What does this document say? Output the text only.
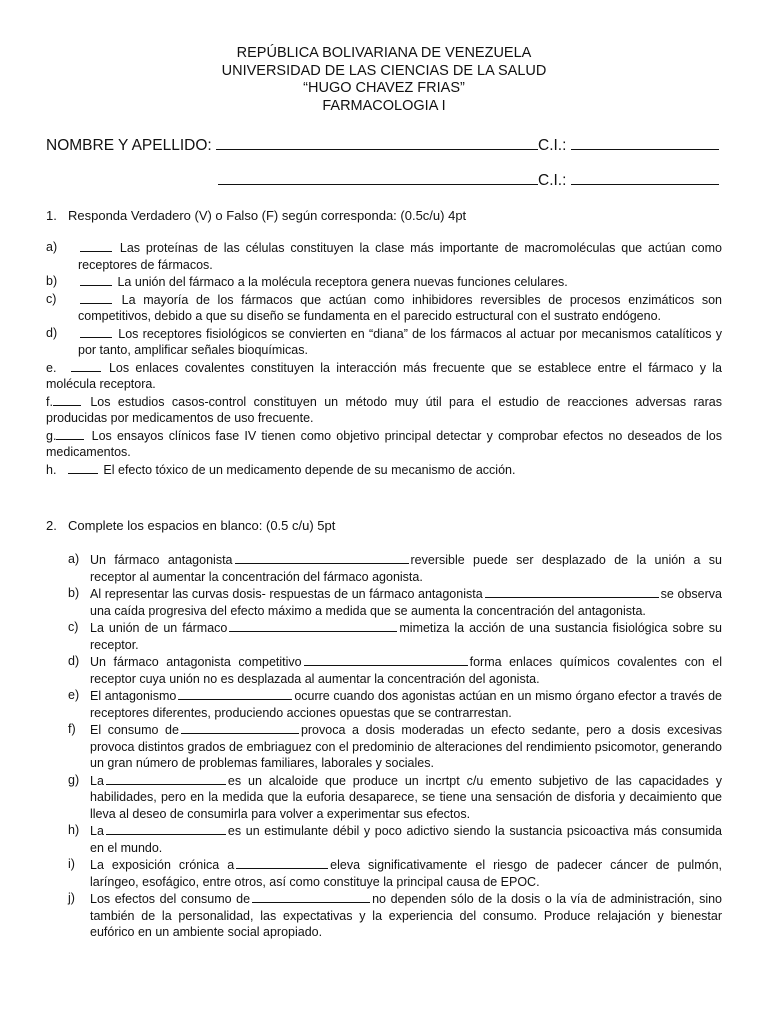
REPÚBLICA BOLIVARIANA DE VENEZUELA
UNIVERSIDAD DE LAS CIENCIAS DE LA SALUD
“HUGO CHAVEZ FRIAS”
FARMACOLOGIA I
NOMBRE Y APELLIDO:	C.I.:
C.I.:
1. Responda Verdadero (V) o Falso (F) según corresponda: (0.5c/u) 4pt
a)	Las proteínas de las células constituyen la clase más importante de macromoléculas que actúan como receptores de fármacos.
b)	La unión del fármaco a la molécula receptora genera nuevas funciones celulares.
c)	La mayoría de los fármacos que actúan como inhibidores reversibles de procesos enzimáticos son competitivos, debido a que su diseño se fundamenta en el parecido estructural con el sustrato endógeno.
d)	Los receptores fisiológicos se convierten en “diana” de los fármacos al actuar por mecanismos catalíticos y por tanto, amplificar señales bioquímicas.
e.	Los enlaces covalentes constituyen la interacción más frecuente que se establece entre el fármaco y la molécula receptora.
f.	Los estudios casos-control constituyen un método muy útil para el estudio de reacciones adversas raras producidas por medicamentos de uso frecuente.
g.	Los ensayos clínicos fase IV tienen como objetivo principal detectar y comprobar efectos no deseados de los medicamentos.
h.	El efecto tóxico de un medicamento depende de su mecanismo de acción.
2. Complete los espacios en blanco: (0.5 c/u) 5pt
a) Un fármaco antagonista	reversible puede ser desplazado de la unión a su receptor al aumentar la concentración del fármaco agonista.
b) Al representar las curvas dosis- respuestas de un fármaco antagonista	se observa una caída progresiva del efecto máximo a medida que se aumenta la concentración del antagonista.
c) La unión de un fármaco	mimetiza la acción de una sustancia fisiológica sobre su receptor.
d) Un fármaco antagonista competitivo	forma enlaces químicos covalentes con el receptor cuya unión no es desplazada al aumentar la concentración del agonista.
e) El antagonismo	ocurre cuando dos agonistas actúan en un mismo órgano efector a través de receptores diferentes, produciendo acciones opuestas que se contrarrestan.
f) El consumo de	provoca a dosis moderadas un efecto sedante, pero a dosis excesivas provoca distintos grados de embriaguez con el predominio de alteraciones del rendimiento psicomotor, generando un gran número de problemas familiares, laborales y sociales.
g) La	es un alcaloide que produce un incrtpt c/u emento subjetivo de las capacidades y habilidades, pero en la medida que la euforia desaparece, se tiene una sensación de disforia y decaimiento que lleva al deseo de consumirla para volver a experimentar sus efectos.
h) La	es un estimulante débil y poco adictivo siendo la sustancia psicoactiva más consumida en el mundo.
i) La exposición crónica a	eleva significativamente el riesgo de padecer cáncer de pulmón, laríngeo, esofágico, entre otros, así como constituye la principal causa de EPOC.
j) Los efectos del consumo de	no dependen sólo de la dosis o la vía de administración, sino también de la personalidad, las expectativas y la experiencia del consumo. Produce relajación y bienestar eufórico en un ambiente social apropiado.
